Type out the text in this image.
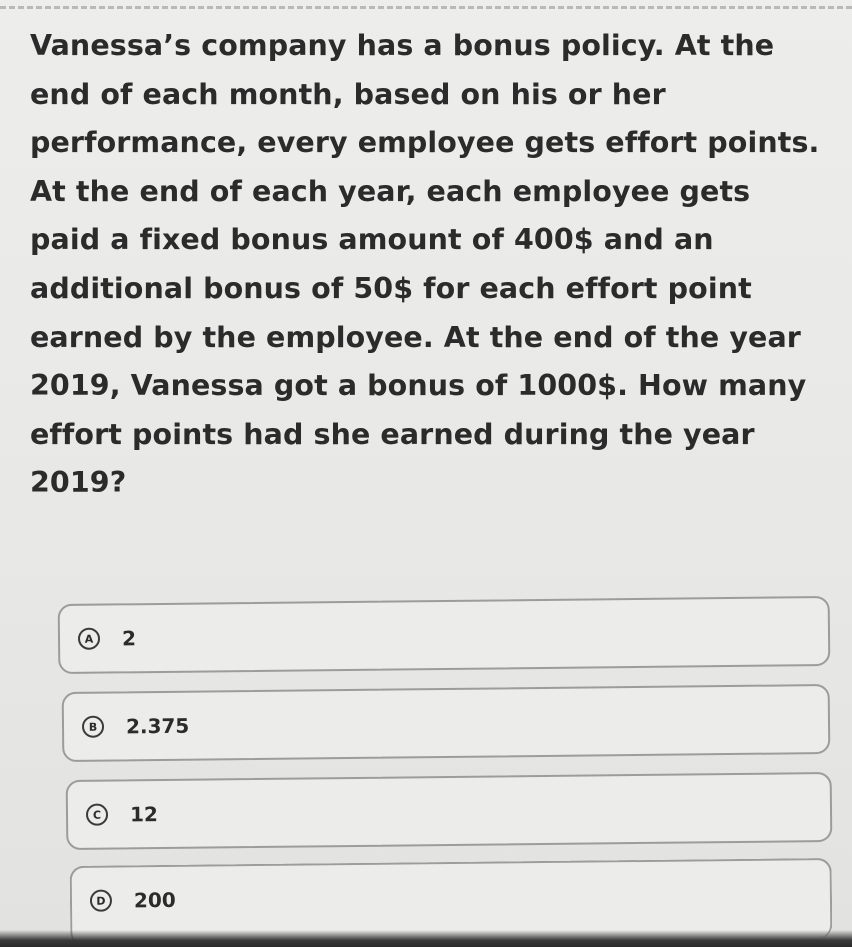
Vanessa’s company has a bonus policy. At the
end of each month, based on his or her
performance, every employee gets effort points.
At the end of each year, each employee gets
paid a fixed bonus amount of 400$ and an
additional bonus of 50$ for each effort point
earned by the employee. At the end of the year
2019, Vanessa got a bonus of 1000$. How many
effort points had she earned during the year
2019?

A	2
B	2.375
C	12
D	200
